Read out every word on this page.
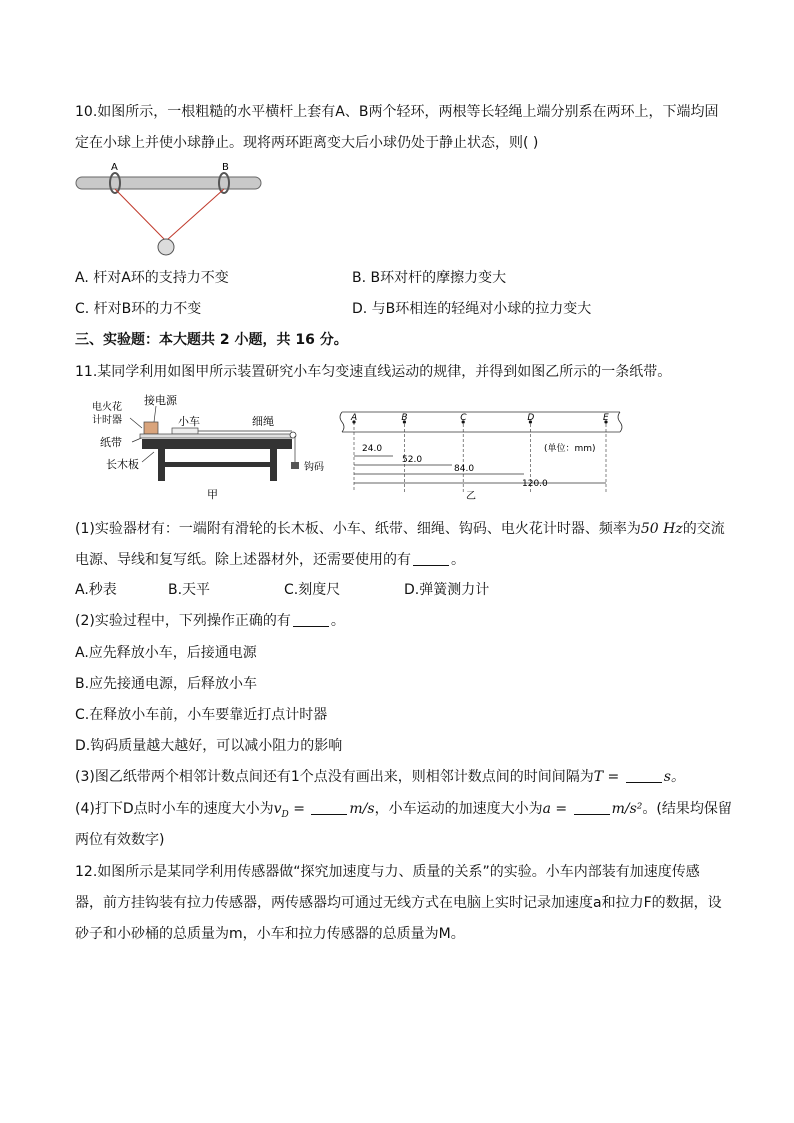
10.如图所示，一根粗糙的水平横杆上套有A、B两个轻环，两根等长轻绳上端分别系在两环上，下端均固
定在小球上并使小球静止。现将两环距离变大后小球仍处于静止状态，则( )
A	B
A. 杆对A环的支持力不变	B. B环对杆的摩擦力变大
C. 杆对B环的力不变	D. 与B环相连的轻绳对小球的拉力变大
三、实验题：本大题共 2 小题，共 16 分。
11.某同学利用如图甲所示装置研究小车匀变速直线运动的规律，并得到如图乙所示的一条纸带。
电火花
计时器
接电源
小车	细绳
纸带
长木板	钩码
甲
A	B	C	D	E
(单位：mm)
24.0
52.0
84.0
120.0
乙
(1)实验器材有：一端附有滑轮的长木板、小车、纸带、细绳、钩码、电火花计时器、频率为50 Hz的交流
电源、导线和复写纸。除上述器材外，还需要使用的有	。
A.秒表	B.天平	C.刻度尺	D.弹簧测力计
(2)实验过程中，下列操作正确的有	。
A.应先释放小车，后接通电源
B.应先接通电源，后释放小车
C.在释放小车前，小车要靠近打点计时器
D.钩码质量越大越好，可以减小阻力的影响
(3)图乙纸带两个相邻计数点间还有1个点没有画出来，则相邻计数点间的时间间隔为T =	s。
(4)打下D点时小车的速度大小为$v_D$ =	m/s，小车运动的加速度大小为a =	m/s²。(结果均保留
两位有效数字)
12.如图所示是某同学利用传感器做“探究加速度与力、质量的关系”的实验。小车内部装有加速度传感
器，前方挂钩装有拉力传感器，两传感器均可通过无线方式在电脑上实时记录加速度a和拉力F的数据，设
砂子和小砂桶的总质量为m，小车和拉力传感器的总质量为M。
